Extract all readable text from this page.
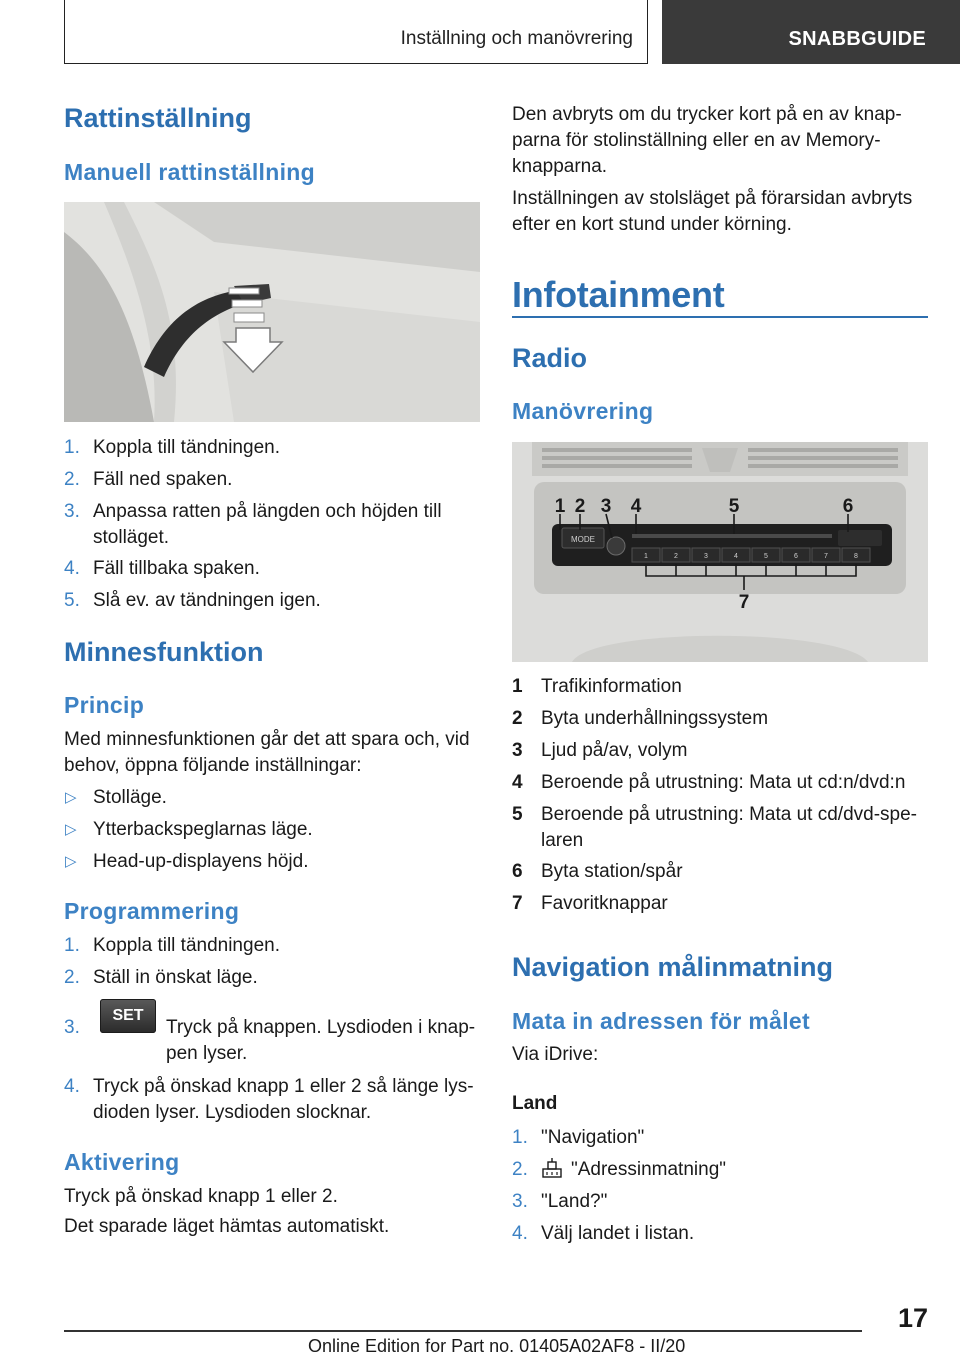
Inställning och manövrering	SNABBGUIDE
Rattinställning
Manuell rattinställning
1. Koppla till tändningen.
2. Fäll ned spaken.
3. Anpassa ratten på längden och höjden till stolläget.
4. Fäll tillbaka spaken.
5. Slå ev. av tändningen igen.
Minnesfunktion
Princip
Med minnesfunktionen går det att spara och, vid behov, öppna följande inställningar:
▷ Stolläge.
▷ Ytterbackspeglarnas läge.
▷ Head-up-displayens höjd.
Programmering
1. Koppla till tändningen.
2. Ställ in önskat läge.
3.
SET
Tryck på knappen. Lysdioden i knap-pen lyser.
4. Tryck på önskad knapp 1 eller 2 så länge lys-dioden lyser. Lysdioden slocknar.
Aktivering
Tryck på önskad knapp 1 eller 2.
Det sparade läget hämtas automatiskt.
Den avbryts om du trycker kort på en av knap-parna för stolinställning eller en av Memory-knapparna.
Inställningen av stolsläget på förarsidan avbryts efter en kort stund under körning.
Infotainment
Radio
Manövrering
MODE
1	2	3	4	5	6	7	8
1 2 3 4	5	6
7
1 Trafikinformation
2 Byta underhållningssystem
3 Ljud på/av, volym
4 Beroende på utrustning: Mata ut cd:n/dvd:n
5 Beroende på utrustning: Mata ut cd/dvd-spe-laren
6 Byta station/spår
7 Favoritknappar
Navigation målinmatning
Mata in adressen för målet
Via iDrive:
Land
1. "Navigation"
2.	"Adressinmatning"
3. "Land?"
4. Välj landet i listan.
17
Online Edition for Part no. 01405A02AF8 - II/20
